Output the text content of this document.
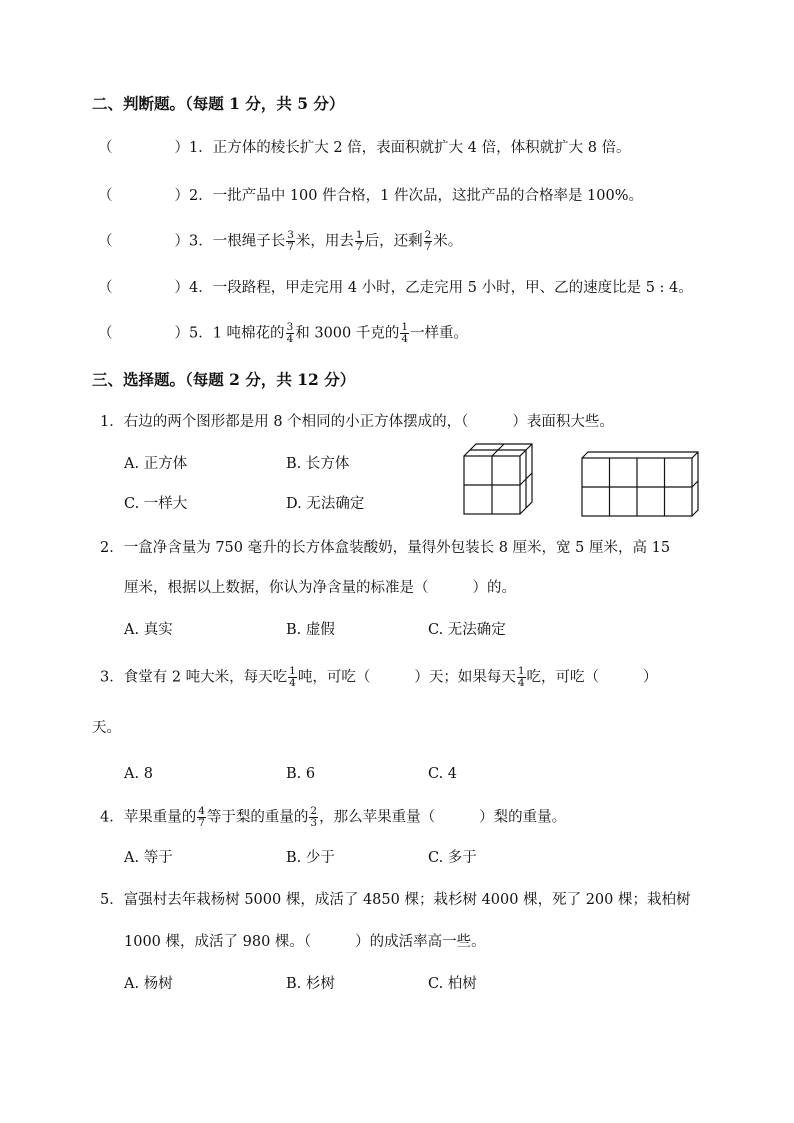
二、判断题。（每题 1 分，共 5 分）
（	）1．正方体的棱长扩大 2 倍，表面积就扩大 4 倍，体积就扩大 8 倍。
（	）2．一批产品中 100 件合格，1 件次品，这批产品的合格率是 100%。
（	）3．一根绳子长 $\frac{3}{7}$ 米，用去 $\frac{1}{7}$ 后，还剩 $\frac{2}{7}$ 米。
（	）4．一段路程，甲走完用 4 小时，乙走完用 5 小时，甲、乙的速度比是 5 : 4。
（	）5．1 吨棉花的 $\frac{3}{4}$ 和 3000 千克的 $\frac{1}{4}$ 一样重。
三、选择题。（每题 2 分，共 12 分）
1．右边的两个图形都是用 8 个相同的小正方体摆成的，（	）表面积大些。
A. 正方体	B. 长方体
C. 一样大	D. 无法确定
2．一盒净含量为 750 毫升的长方体盒装酸奶，量得外包装长 8 厘米，宽 5 厘米，高 15
厘米，根据以上数据，你认为净含量的标准是（	）的。
A. 真实	B. 虚假	C. 无法确定
3．食堂有 2 吨大米，每天吃 $\frac{1}{4}$ 吨，可吃（	）天；如果每天 $\frac{1}{4}$ 吃，可吃（	）
天。
A. 8	B. 6	C. 4
4．苹果重量的 $\frac{4}{7}$ 等于梨的重量的 $\frac{2}{3}$ ，那么苹果重量（	）梨的重量。
A. 等于	B. 少于	C. 多于
5．富强村去年栽杨树 5000 棵，成活了 4850 棵；栽杉树 4000 棵，死了 200 棵；栽柏树
1000 棵，成活了 980 棵。（	）的成活率高一些。
A. 杨树	B. 杉树	C. 柏树
